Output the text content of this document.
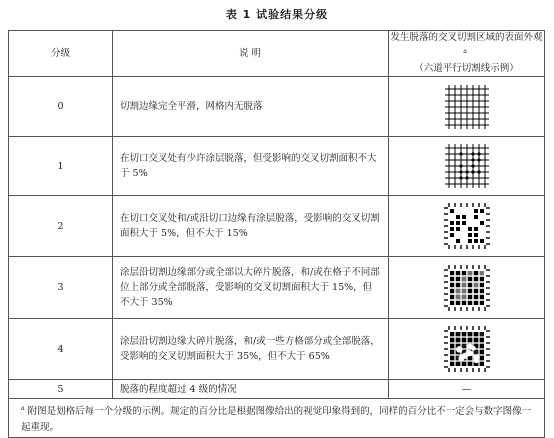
表 1 试验结果分级
分级	说 明	发生脱落的交叉切割区域的表面外观$^a$
（六道平行切割线示例）
0	切割边缘完全平滑，网格内无脱落	
1	在切口交叉处有少许涂层脱落，但受影响的交叉切割面积不大于 5%	
2	在切口交叉处和/或沿切口边缘有涂层脱落，受影响的交叉切割面积大于 5%，但不大于 15%	
3	涂层沿切割边缘部分或全部以大碎片脱落，和/或在格子不同部位上部分或全部脱落，受影响的交叉切割面积大于 15%，但不大于 35%	
4	涂层沿切割边缘大碎片脱落，和/或一些方格部分或全部脱落，受影响的交叉切割面积大于 35%，但不大于 65%	
5	脱落的程度超过 4 级的情况	—
$^a$ 附图是划格后每一个分级的示例。规定的百分比是根据图像给出的视觉印象得到的，同样的百分比不一定会与数字图像一起重现。		
